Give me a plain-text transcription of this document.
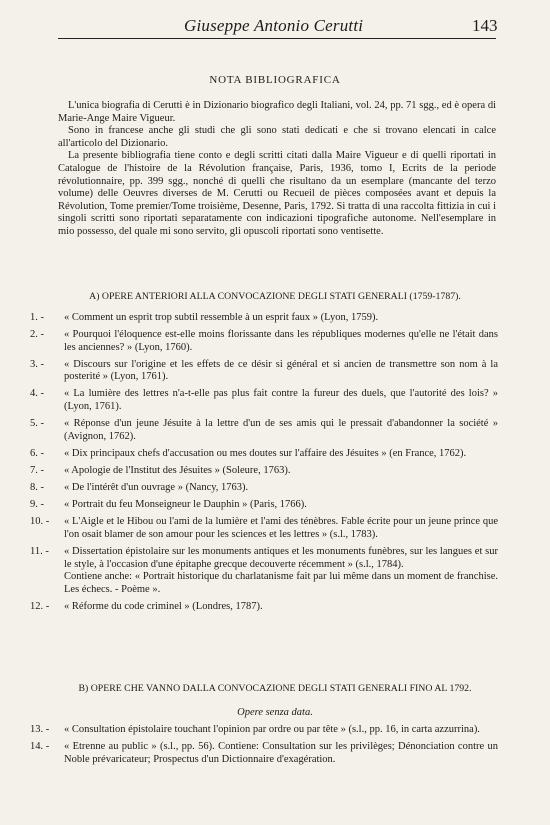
Giuseppe Antonio Cerutti	143
NOTA BIBLIOGRAFICA

L'unica biografia di Cerutti è in Dizionario biografico degli Italiani, vol. 24, pp. 71 sgg., ed è opera di Marie-Ange Maire Vigueur.

Sono in francese anche gli studi che gli sono stati dedicati e che si trovano elencati in calce all'articolo del Dizionario.

La presente bibliografia tiene conto e degli scritti citati dalla Maire Vigueur e di quelli riportati in Catalogue de l'histoire de la Révolution française, Paris, 1936, tomo I, Ecrits de la periode révolutionnaire, pp. 399 sgg., nonché di quelli che risultano da un esemplare (mancante del terzo volume) delle Oeuvres diverses de M. Cerutti ou Recueil de pièces composées avant et depuis la Révolution, Tome premier/Tome troisième, Desenne, Paris, 1792. Si tratta di una raccolta fittizia in cui i singoli scritti sono riportati separatamente con indicazioni tipografiche autonome. Nell'esemplare in mio possesso, del quale mi sono servito, gli opuscoli riportati sono ventisette.

A) OPERE ANTERIORI ALLA CONVOCAZIONE DEGLI STATI GENERALI (1759-1787).
1. -	« Comment un esprit trop subtil ressemble à un esprit faux » (Lyon, 1759).
2. -	« Pourquoi l'éloquence est-elle moins florissante dans les républiques modernes qu'elle ne l'était dans les anciennes? » (Lyon, 1760).
3. -	« Discours sur l'origine et les effets de ce désir si général et si ancien de transmettre son nom à la posterité » (Lyon, 1761).
4. -	« La lumière des lettres n'a-t-elle pas plus fait contre la fureur des duels, que l'autorité des lois? » (Lyon, 1761).
5. -	« Réponse d'un jeune Jésuite à la lettre d'un de ses amis qui le pressait d'abandonner la société » (Avignon, 1762).
6. -	« Dix principaux chefs d'accusation ou mes doutes sur l'affaire des Jésuites » (en France, 1762).
7. -	« Apologie de l'Institut des Jésuites » (Soleure, 1763).
8. -	« De l'intérêt d'un ouvrage » (Nancy, 1763).
9. -	« Portrait du feu Monseigneur le Dauphin » (Paris, 1766).
10. -	« L'Aigle et le Hibou ou l'ami de la lumière et l'ami des ténèbres. Fable écrite pour un jeune prince que l'on osait blamer de son amour pour les sciences et les lettres » (s.l., 1783).
11. -	« Dissertation épistolaire sur les monuments antiques et les monuments funèbres, sur les langues et sur le style, à l'occasion d'une épitaphe grecque decouverte récemment » (s.l., 1784).
Contiene anche: « Portrait historique du charlatanisme fait par lui même dans un moment de franchise. Les échecs. - Poème ».
12. -	« Réforme du code criminel » (Londres, 1787).
B) OPERE CHE VANNO DALLA CONVOCAZIONE DEGLI STATI GENERALI FINO AL 1792.
Opere senza data.
13. -	« Consultation épistolaire touchant l'opinion par ordre ou par tête » (s.l., pp. 16, in carta azzurrina).
14. -	« Etrenne au public » (s.l., pp. 56). Contiene: Consultation sur les privilèges; Dénonciation contre un Noble prévaricateur; Prospectus d'un Dictionnaire d'exagération.
